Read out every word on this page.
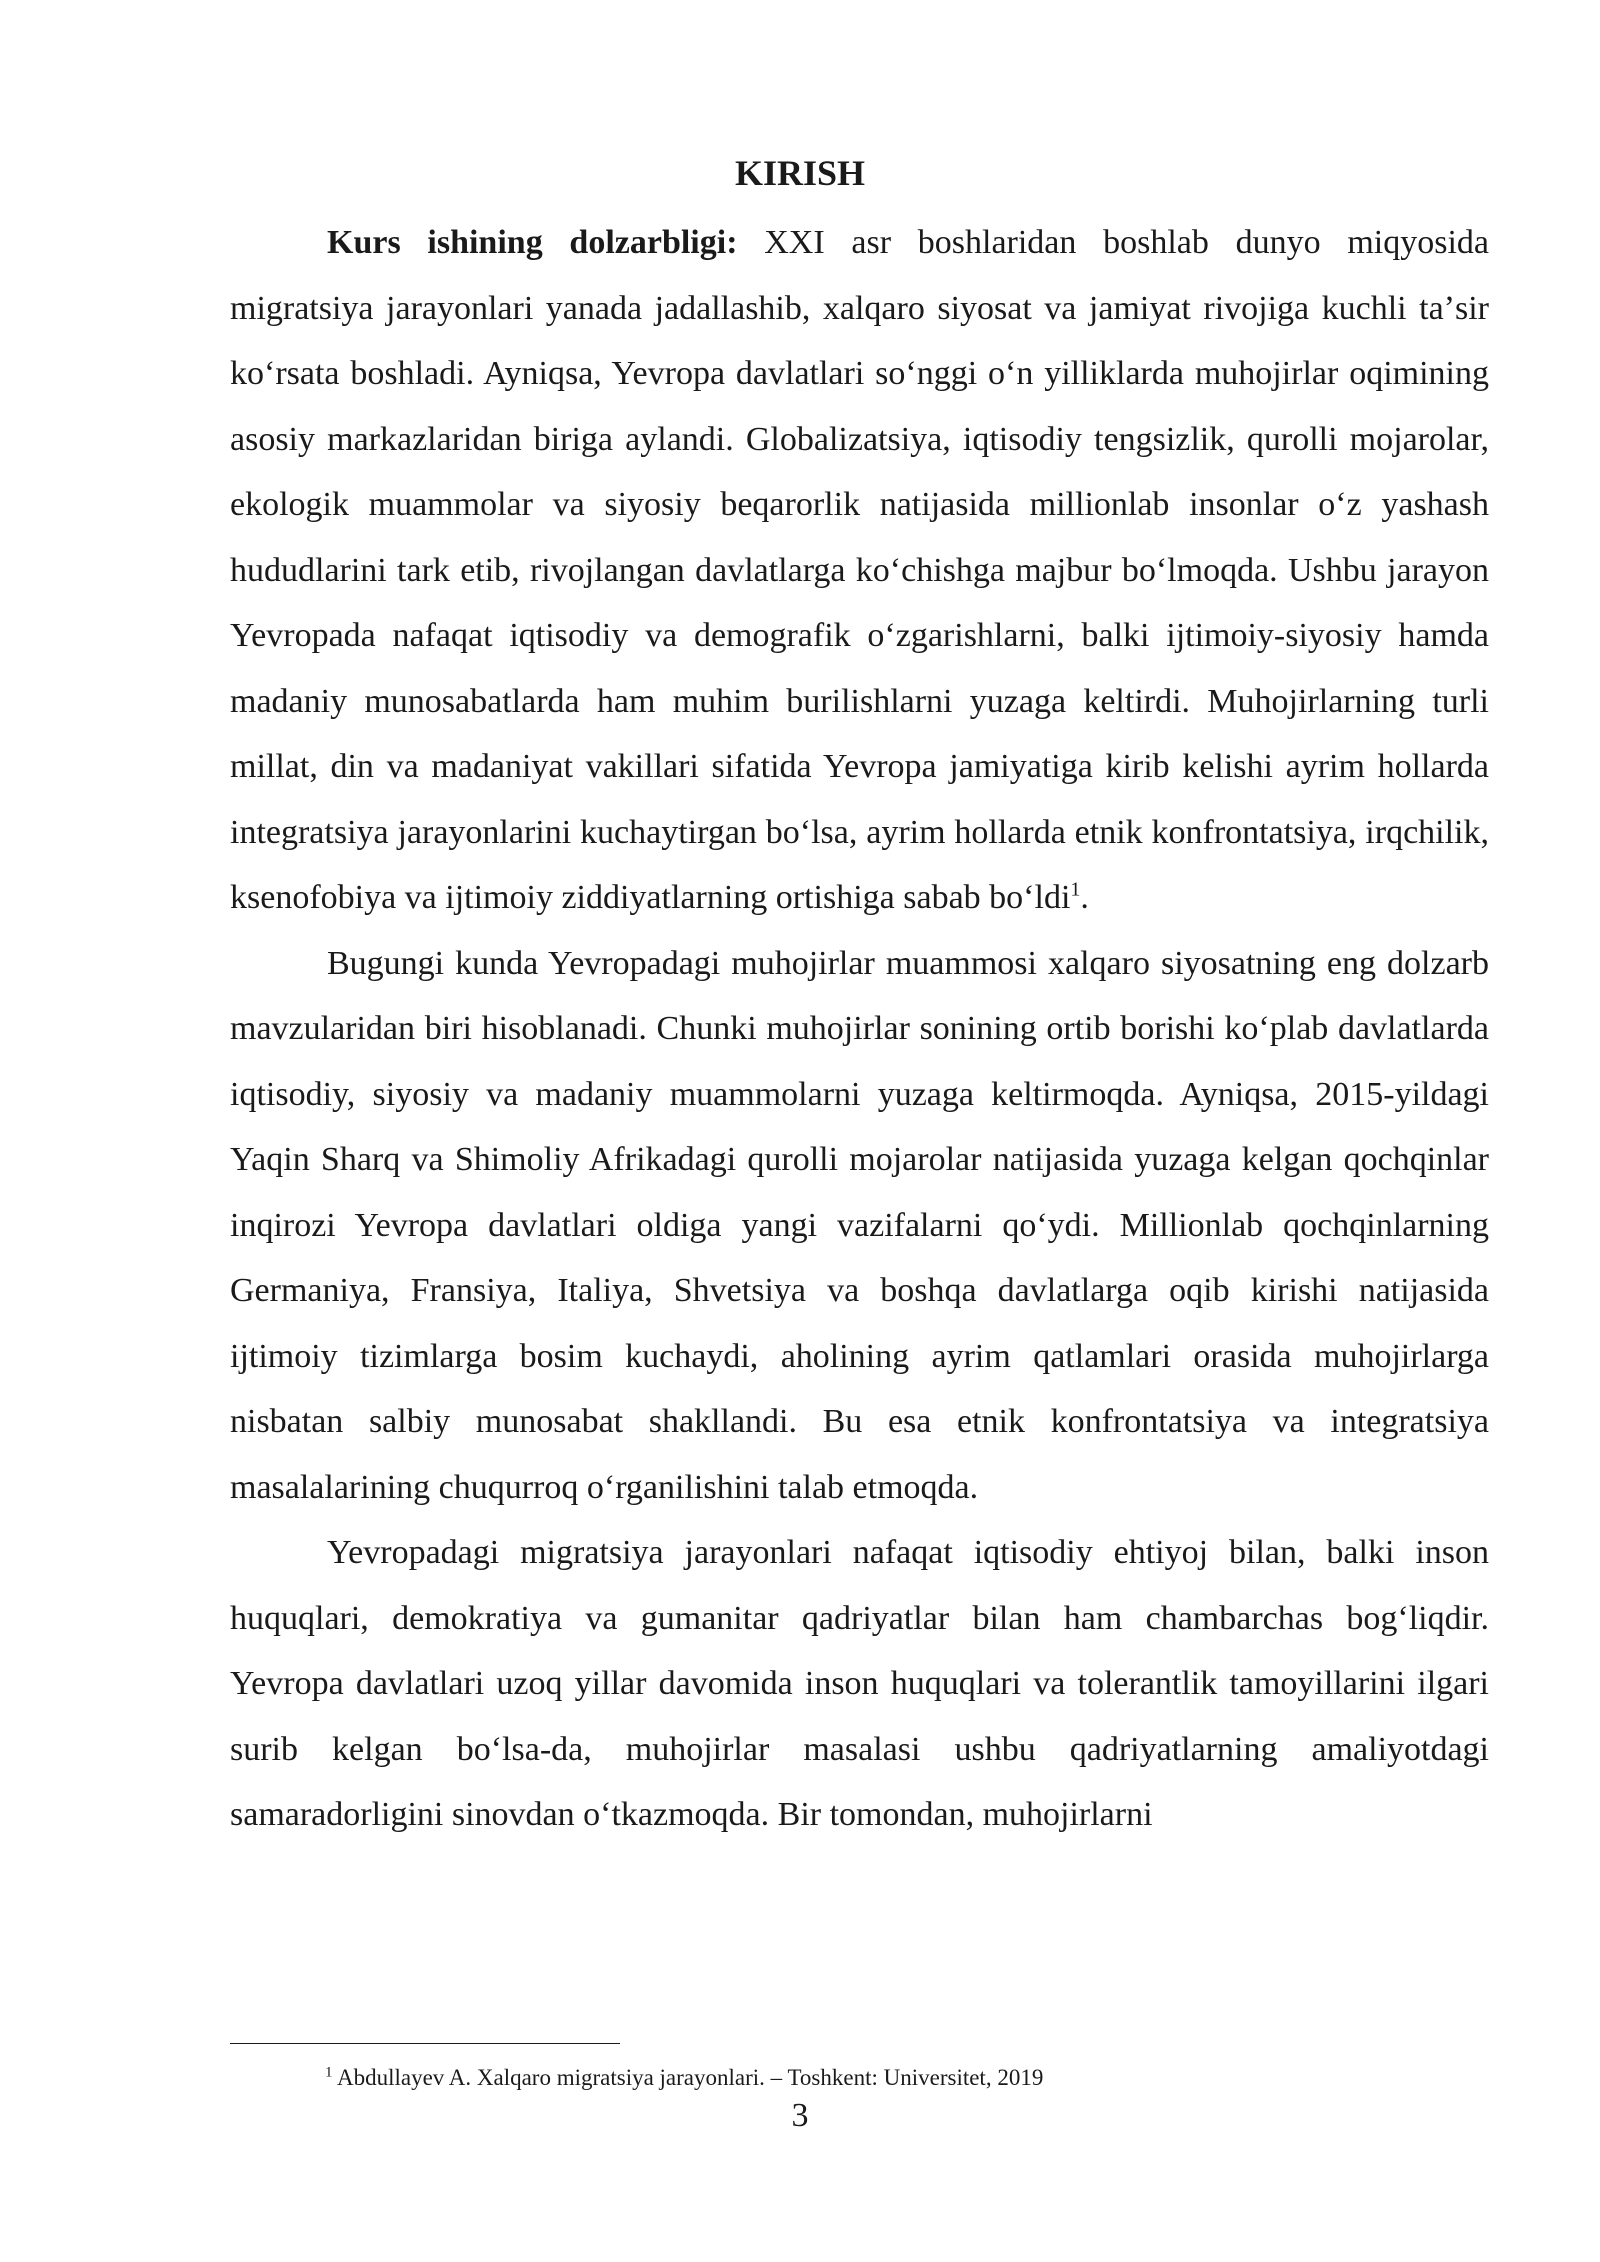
KIRISH

Kurs ishining dolzarbligi: XXI asr boshlaridan boshlab dunyo miqyosida migratsiya jarayonlari yanada jadallashib, xalqaro siyosat va jamiyat rivojiga kuchli taʼsir koʻrsata boshladi. Ayniqsa, Yevropa davlatlari soʻnggi oʻn yilliklarda muhojirlar oqimining asosiy markazlaridan biriga aylandi. Globalizatsiya, iqtisodiy tengsizlik, qurolli mojarolar, ekologik muammolar va siyosiy beqarorlik natijasida millionlab insonlar oʻz yashash hududlarini tark etib, rivojlangan davlatlarga koʻchishga majbur boʻlmoqda. Ushbu jarayon Yevropada nafaqat iqtisodiy va demografik oʻzgarishlarni, balki ijtimoiy-siyosiy hamda madaniy munosabatlarda ham muhim burilishlarni yuzaga keltirdi. Muhojirlarning turli millat, din va madaniyat vakillari sifatida Yevropa jamiyatiga kirib kelishi ayrim hollarda integratsiya jarayonlarini kuchaytirgan boʻlsa, ayrim hollarda etnik konfrontatsiya, irqchilik, ksenofobiya va ijtimoiy ziddiyatlarning ortishiga sabab boʻldi$^1$.

Bugungi kunda Yevropadagi muhojirlar muammosi xalqaro siyosatning eng dolzarb mavzularidan biri hisoblanadi. Chunki muhojirlar sonining ortib borishi koʻplab davlatlarda iqtisodiy, siyosiy va madaniy muammolarni yuzaga keltirmoqda. Ayniqsa, 2015-yildagi Yaqin Sharq va Shimoliy Afrikadagi qurolli mojarolar natijasida yuzaga kelgan qochqinlar inqirozi Yevropa davlatlari oldiga yangi vazifalarni qoʻydi. Millionlab qochqinlarning Germaniya, Fransiya, Italiya, Shvetsiya va boshqa davlatlarga oqib kirishi natijasida ijtimoiy tizimlarga bosim kuchaydi, aholining ayrim qatlamlari orasida muhojirlarga nisbatan salbiy munosabat shakllandi. Bu esa etnik konfrontatsiya va integratsiya masalalarining chuqurroq oʻrganilishini talab etmoqda.

Yevropadagi migratsiya jarayonlari nafaqat iqtisodiy ehtiyoj bilan, balki inson huquqlari, demokratiya va gumanitar qadriyatlar bilan ham chambarchas bogʻliqdir. Yevropa davlatlari uzoq yillar davomida inson huquqlari va tolerantlik tamoyillarini ilgari surib kelgan boʻlsa-da, muhojirlar masalasi ushbu qadriyatlarning amaliyotdagi samaradorligini sinovdan oʻtkazmoqda. Bir tomondan, muhojirlarni

$^1$ Abdullayev A. Xalqaro migratsiya jarayonlari. – Toshkent: Universitet, 2019
3
